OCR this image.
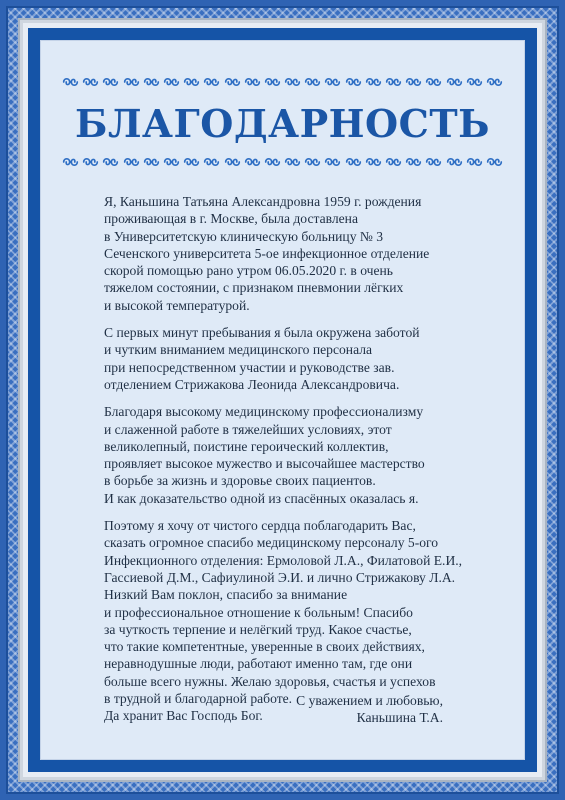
БЛАГОДАРНОСТЬ

Я, Каньшина Татьяна Александровна 1959 г. рождения
проживающая в г. Москве, была доставлена
в Университетскую клиническую больницу № 3
Сеченского университета 5-ое инфекционное отделение
скорой помощью рано утром 06.05.2020 г. в очень
тяжелом состоянии, с признаком пневмонии лёгких
и высокой температурой.

С первых минут пребывания я была окружена заботой
и чутким вниманием медицинского персонала
при непосредственном участии и руководстве зав.
отделением Стрижакова Леонида Александровича.

Благодаря высокому медицинскому профессионализму
и слаженной работе в тяжелейших условиях, этот
великолепный, поистине героический коллектив,
проявляет высокое мужество и высочайшее мастерство
в борьбе за жизнь и здоровье своих пациентов.
И как доказательство одной из спасённых оказалась я.

Поэтому я хочу от чистого сердца поблагодарить Вас,
сказать огромное спасибо медицинскому персоналу 5-ого
Инфекционного отделения: Ермоловой Л.А., Филатовой Е.И.,
Гассиевой Д.М., Сафиулиной Э.И. и лично Стрижакову Л.А.
Низкий Вам поклон, спасибо за внимание
и профессиональное отношение к больным! Спасибо
за чуткость терпение и нелёгкий труд. Какое счастье,
что такие компетентные, уверенные в своих действиях,
неравнодушные люди, работают именно там, где они
больше всего нужны. Желаю здоровья, счастья и успехов
в трудной и благодарной работе.
Да хранит Вас Господь Бог.

С уважением и любовью,
Каньшина Т.А.
